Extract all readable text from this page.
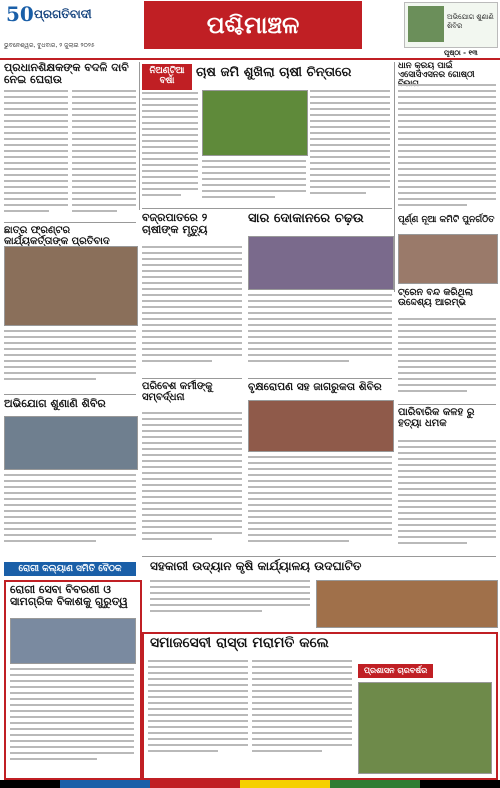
50 ପ୍ରଗତିବାଦୀ
ଭୁବନେଶ୍ୱର, ବୁଧବାର, ୨ ଜୁଲାଇ ୨୦୨୫
ପଶ୍ଚିମାଞ୍ଚଳ	ଅଭିଯୋଗ ଶୁଣାଣି ଶିବିର
ପୃଷ୍ଠା - ୧୩
ପ୍ରଧାନଶିକ୍ଷକଙ୍କ ବଦଳି ଦାବି ନେଇ ଘେରାଉ
ନିଅଣ୍ଟିଆ ବର୍ଷା
ଚାଷ ଜମି ଶୁଖିଲା ଚାଷୀ ଚିନ୍ତାରେ	ଧାନ କ୍ରୟ ପାଇଁ ଏସୋସିଏସନର ଗୋଷ୍ଠୀ
ଛାତ୍ର ଫ୍ରଣ୍ଟର କାର୍ଯ୍ୟକର୍ତ୍ତାଙ୍କ ପ୍ରତିବାଦ
ବଜ୍ରପାତରେ ୨ ଚାଷୀଙ୍କ ମୃତ୍ୟୁ
ସାର ଦୋକାନରେ ଚଢ଼ଉ	ପୂର୍ଣ୍ଣ ନୂଆ କମିଟି ପୁନର୍ଗଠିତ
ଟ୍ରେନ ବନ୍ଦ କରିଥିଲା ଉଦ୍ଦେଶ୍ୟ ଆରମ୍ଭ
ଅଭିଯୋଗ ଶୁଣାଣି ଶିବିର
ପରିବେଶ କର୍ମୀଙ୍କୁ ସମ୍ବର୍ଦ୍ଧନା
ବୃକ୍ଷରୋପଣ ସହ ଜାଗରୁକତା ଶିବିର
ପାରିବାରିକ କଳହ ରୁ ହତ୍ୟା ଧମକ
ସହକାରୀ ଉଦ୍ୟାନ କୃଷି କାର୍ଯ୍ୟାଳୟ ଉଦଘାଟିତ
ରୋଗୀ କଲ୍ୟାଣ ସମିତି ବୈଠକ
ରୋଗୀ ସେବା ବିବରଣୀ ଓ ସାମଗ୍ରିକ ବିକାଶକୁ ଗୁରୁତ୍ୱ
ସମାଜସେବୀ ରାସ୍ତା ମରାମତି କଲେ
ପ୍ରଶାସନ ଚାରବର୍ଷର
